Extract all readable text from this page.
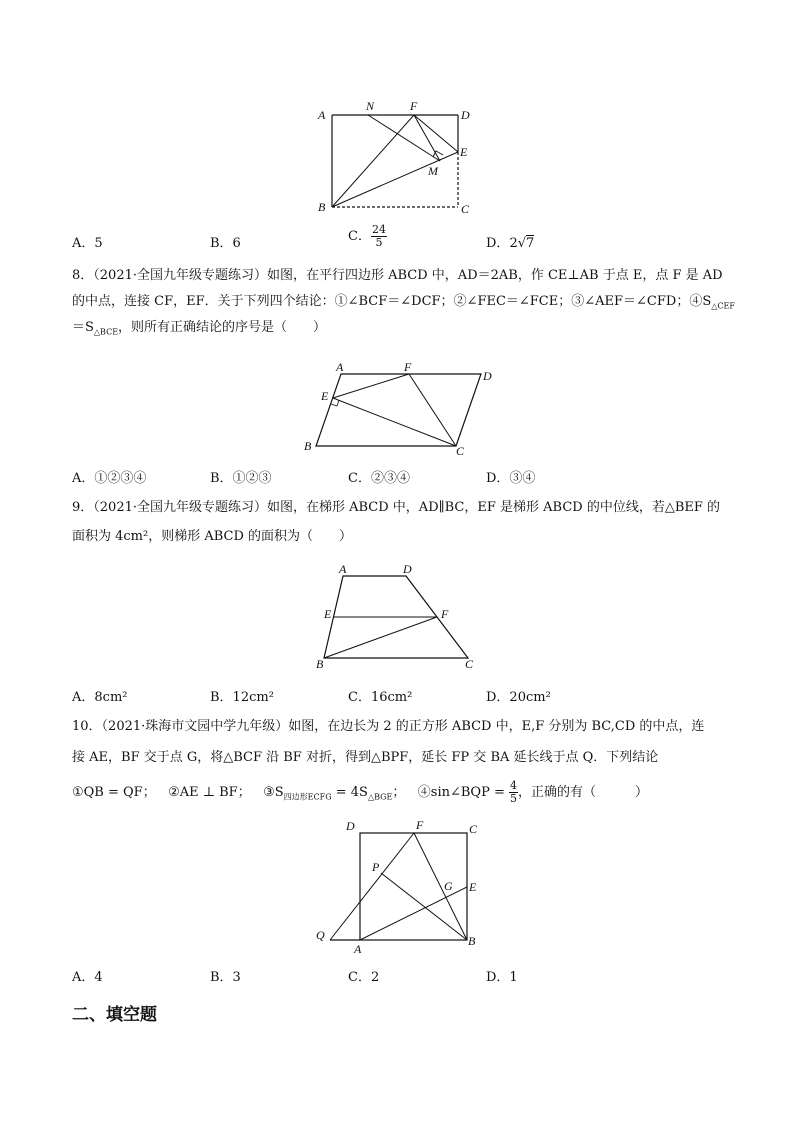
A
N	F
D
E
M
B	C
A．5	B．6	C． $\frac{24}{5}$	D．2√7
8．（2021·全国九年级专题练习）如图，在平行四边形 ABCD 中，AD＝2AB，作 CE⊥AB 于点 E，点 F 是 AD
的中点，连接 CF，EF．关于下列四个结论：①∠BCF＝∠DCF；②∠FEC＝∠FCE；③∠AEF＝∠CFD；$④S_{\triangle CEF}$
$=S_{\triangle BCE}$，则所有正确结论的序号是（　　）
A	F
D
E
B	C
A．①②③④	B．①②③	C．②③④	D．③④
9．（2021·全国九年级专题练习）如图，在梯形 ABCD 中，AD∥BC，EF 是梯形 ABCD 的中位线，若△BEF 的
面积为 4cm²，则梯形 ABCD 的面积为（　　）
A	D
E	F
B	C
A．8cm²	B．12cm²	C．16cm²	D．20cm²
10．（2021·珠海市文园中学九年级）如图，在边长为 2 的正方形 ABCD 中，E,F 分别为 BC,CD 的中点，连
接 AE，BF 交于点 G，将△BCF 沿 BF 对折，得到△BPF，延长 FP 交 BA 延长线于点 Q．下列结论
①QB = QF； ②AE ⊥ BF； $③S_{四边形ECFG} = 4S_{\triangle BGE}$； ④sin∠BQP = $\frac{4}{5}$ ，正确的有（　　　）
D	F	C
P
G E
Q
A
B
A．4	B．3	C．2	D．1
二、填空题
